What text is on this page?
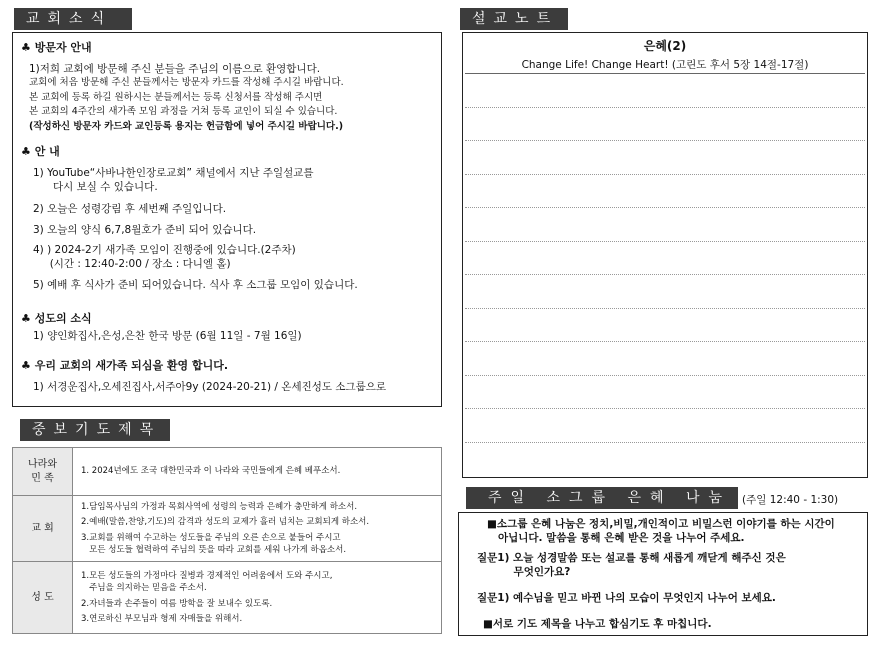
교회소식
♣ 방문자 안내
1)저희 교회에 방문해 주신 분들을 주님의 이름으로 환영합니다.
교회에 처음 방문해 주신 분들께서는 방문자 카드를 작성해 주시길 바랍니다.
본 교회에 등록 하길 원하시는 분들께서는 등록 신청서를 작성해 주시면
본 교회의 4주간의 새가족 모임 과정을 거쳐 등록 교인이 되실 수 있습니다.
(작성하신 방문자 카드와 교인등록 용지는 헌금함에 넣어 주시길 바랍니다.)
♣ 안 내
1) YouTube“사바나한인장로교회” 채널에서 지난 주일설교를
다시 보실 수 있습니다.
2) 오늘은 성령강림 후 세번째 주일입니다.
3) 오늘의 양식 6,7,8월호가 준비 되어 있습니다.
4) ) 2024-2기 새가족 모임이 진행중에 있습니다.(2주차)
(시간 : 12:40-2:00 / 장소 : 다니엘 홀)
5) 예배 후 식사가 준비 되어있습니다. 식사 후 소그룹 모임이 있습니다.
♣ 성도의 소식
1) 양인화집사,은성,은찬 한국 방문 (6월 11일 - 7월 16일)
♣ 우리 교회의 새가족 되심을 환영 합니다.
1) 서경운집사,오세진집사,서주아9y (2024-20-21) / 온세진성도 소그룹으로
중보기도제목
나라와
민 족	1. 2024년에도 조국 대한민국과 이 나라와 국민들에게 은혜 베푸소서.

교 회	1.담임목사님의 가정과 목회사역에 성령의 능력과 은혜가 충만하게 하소서.
2.예배(말씀,찬양,기도)의 감격과 성도의 교제가 흘러 넘치는 교회되게 하소서.
3.교회를 위해여 수고하는 성도들을 주님의 오른 손으로 붙들어 주시고
모든 성도들 협력하여 주님의 뜻을 따라 교회를 세워 나가게 하옵소서.

성 도	1.모든 성도들의 가정마다 질병과 경제적인 어려움에서 도와 주시고,
주님을 의지하는 믿음을 주소서.
2.자녀들과 손주들이 여름 방학을 잘 보내수 있도록.
3.연로하신 부모님과 형제 자매들을 위해서.
설교노트
은혜(2)
Change Life! Change Heart! (고린도 후서 5장 14절-17절)
주일 소그룹 은혜 나눔	(주일 12:40 - 1:30)
■소그룹 은혜 나눔은 정치,비밀,개인적이고 비밀스런 이야기를 하는 시간이
아닙니다. 말씀을 통해 은혜 받은 것을 나누어 주세요.
질문1) 오늘 성경말씀 또는 설교를 통해 새롭게 깨닫게 해주신 것은
무엇인가요?
질문1) 예수님을 믿고 바뀐 나의 모습이 무엇인지 나누어 보세요.
■서로 기도 제목을 나누고 합심기도 후 마칩니다.
